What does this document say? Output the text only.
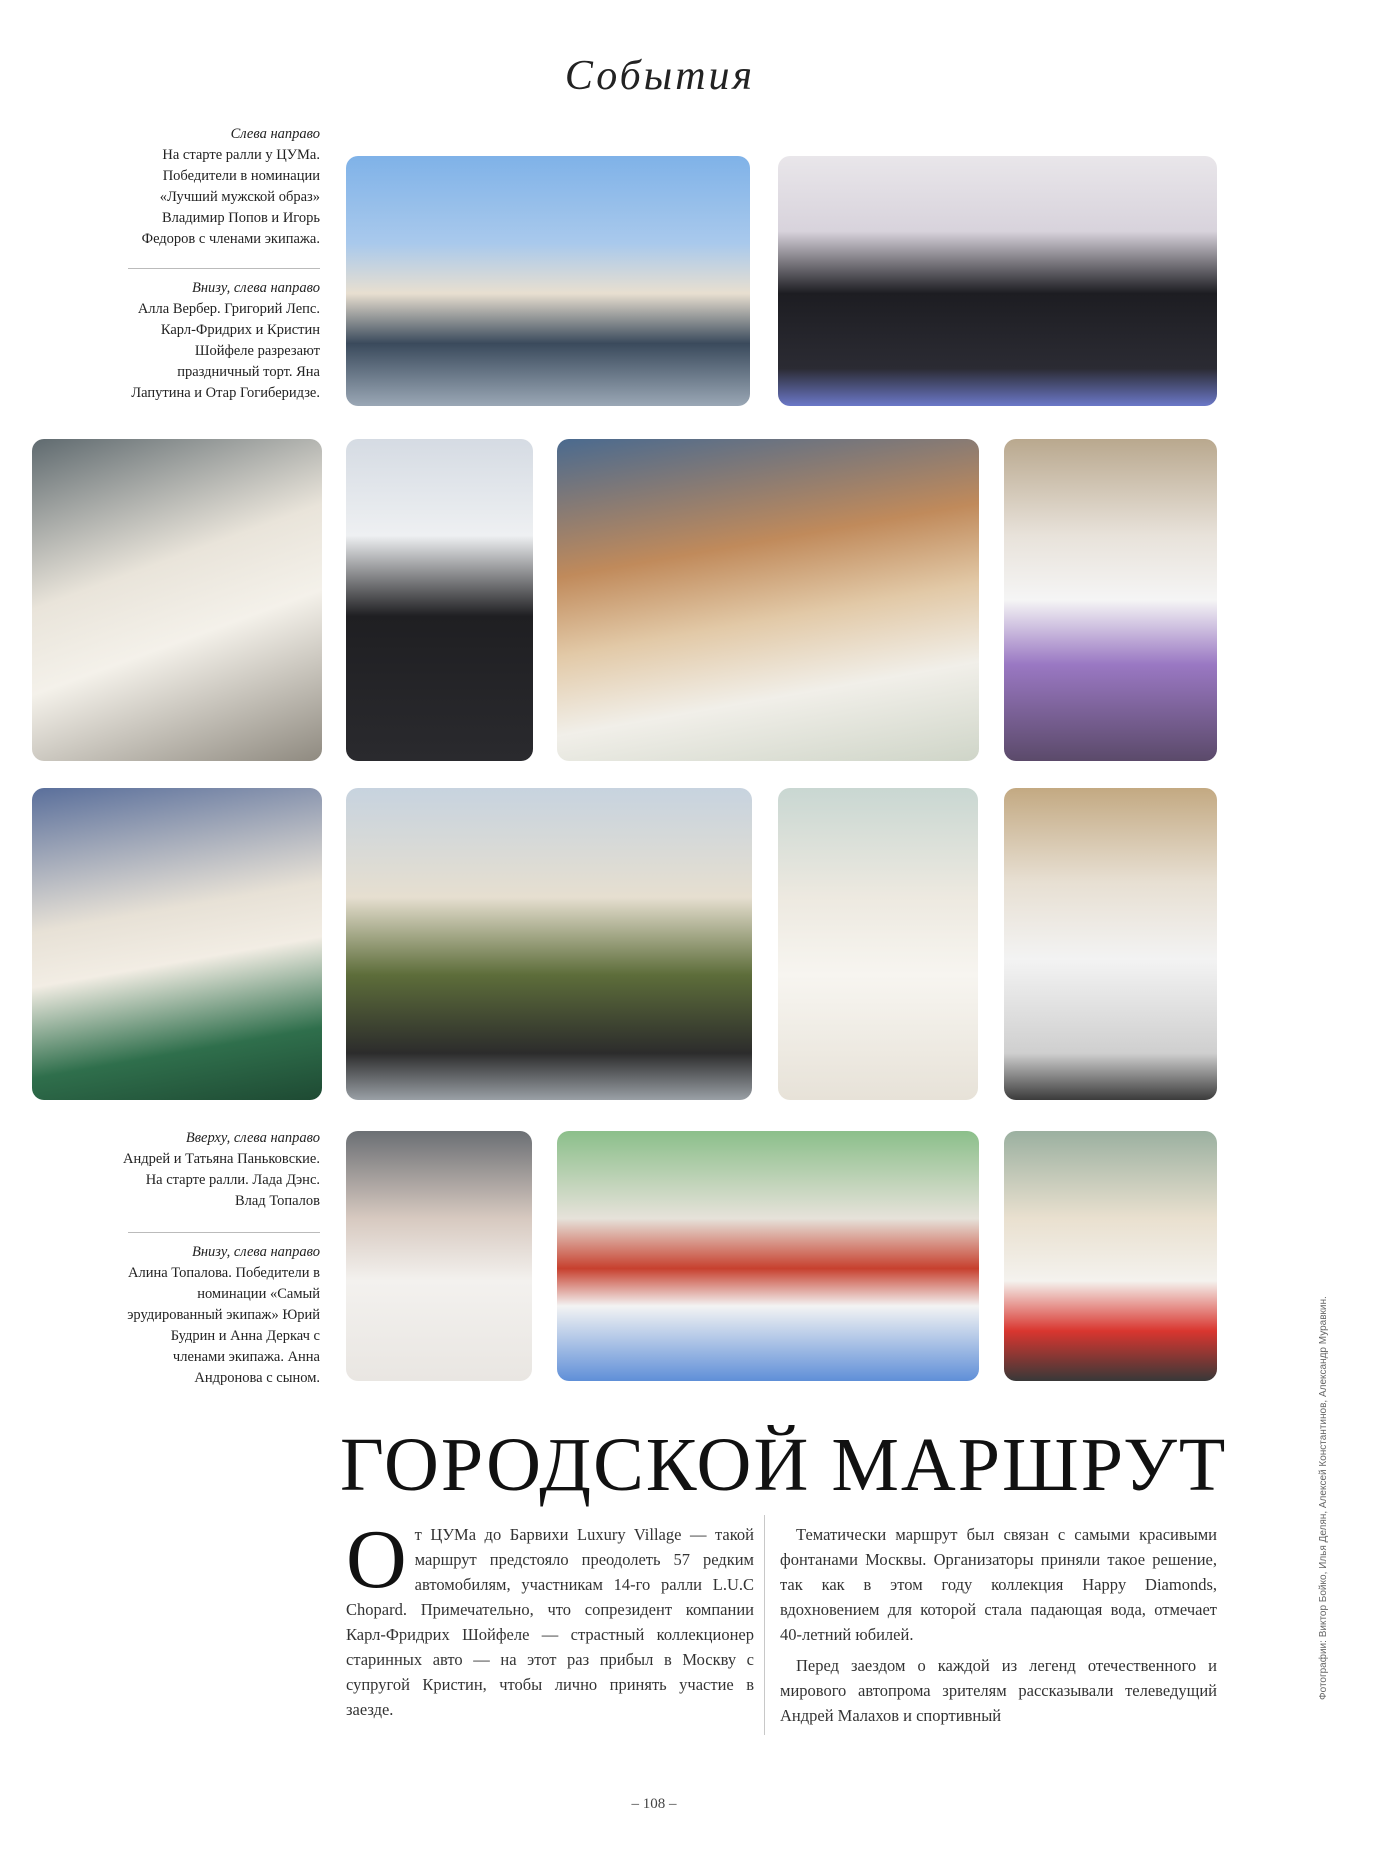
События
Слева направо
На старте ралли у ЦУМа. Победители в номинации «Лучший мужской образ» Владимир Попов и Игорь Федоров с членами экипажа.
Внизу, слева направо
Алла Вербер. Григорий Лепс. Карл-Фридрих и Кристин Шойфеле разрезают праздничный торт. Яна Лапутина и Отар Гогиберидзе.
Вверху, слева направо
Андрей и Татьяна Паньковские. На старте ралли. Лада Дэнс. Влад Топалов
Внизу, слева направо
Алина Топалова. Победители в номинации «Самый эрудированный экипаж» Юрий Будрин и Анна Деркач с членами экипажа. Анна Андронова с сыном.
ГОРОДСКОЙ МАРШРУТ
О т ЦУМа до Барвихи Luxury Village — такой маршрут предстояло преодолеть 57 редким автомобилям, участникам 14-го ралли L.U.C Chopard. Примечательно, что сопрезидент компании Карл-Фридрих Шойфеле — страстный коллекционер старинных авто — на этот раз прибыл в Москву с супругой Кристин, чтобы лично принять участие в заезде.

Тематически маршрут был связан с самыми красивыми фонтанами Москвы. Организаторы приняли такое решение, так как в этом году коллекция Happy Diamonds, вдохновением для которой стала падающая вода, отмечает 40-летний юбилей.

Перед заездом о каждой из легенд отечественного и мирового автопрома зрителям рассказывали телеведущий Андрей Малахов и спортивный

Фотографии: Виктор Бойко, Илья Делян, Алексей Константинов, Александр Муравкин.
– 108 –
